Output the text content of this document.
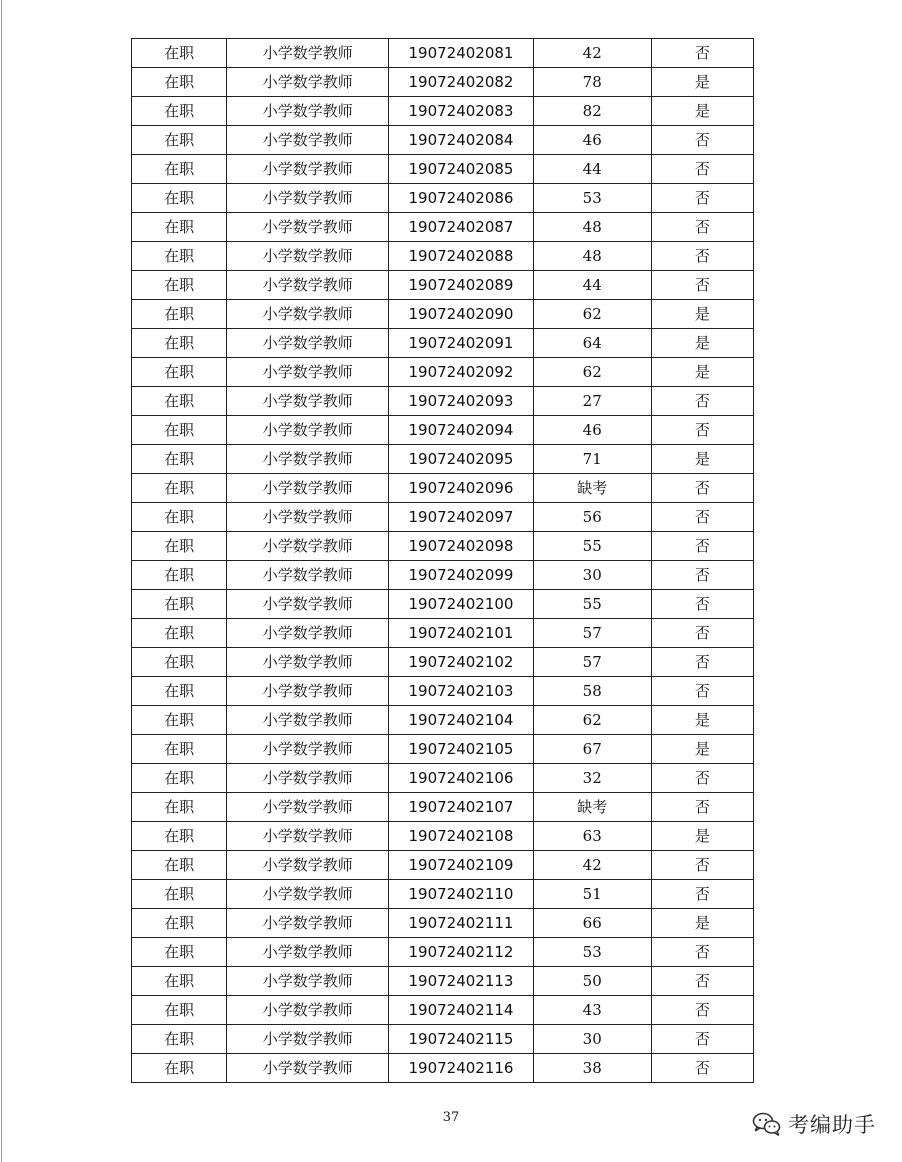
在职	小学数学教师	19072402081	42	否
在职	小学数学教师	19072402082	78	是
在职	小学数学教师	19072402083	82	是
在职	小学数学教师	19072402084	46	否
在职	小学数学教师	19072402085	44	否
在职	小学数学教师	19072402086	53	否
在职	小学数学教师	19072402087	48	否
在职	小学数学教师	19072402088	48	否
在职	小学数学教师	19072402089	44	否
在职	小学数学教师	19072402090	62	是
在职	小学数学教师	19072402091	64	是
在职	小学数学教师	19072402092	62	是
在职	小学数学教师	19072402093	27	否
在职	小学数学教师	19072402094	46	否
在职	小学数学教师	19072402095	71	是
在职	小学数学教师	19072402096	缺考	否
在职	小学数学教师	19072402097	56	否
在职	小学数学教师	19072402098	55	否
在职	小学数学教师	19072402099	30	否
在职	小学数学教师	19072402100	55	否
在职	小学数学教师	19072402101	57	否
在职	小学数学教师	19072402102	57	否
在职	小学数学教师	19072402103	58	否
在职	小学数学教师	19072402104	62	是
在职	小学数学教师	19072402105	67	是
在职	小学数学教师	19072402106	32	否
在职	小学数学教师	19072402107	缺考	否
在职	小学数学教师	19072402108	63	是
在职	小学数学教师	19072402109	42	否
在职	小学数学教师	19072402110	51	否
在职	小学数学教师	19072402111	66	是
在职	小学数学教师	19072402112	53	否
在职	小学数学教师	19072402113	50	否
在职	小学数学教师	19072402114	43	否
在职	小学数学教师	19072402115	30	否
在职	小学数学教师	19072402116	38	否
37	考编助手
